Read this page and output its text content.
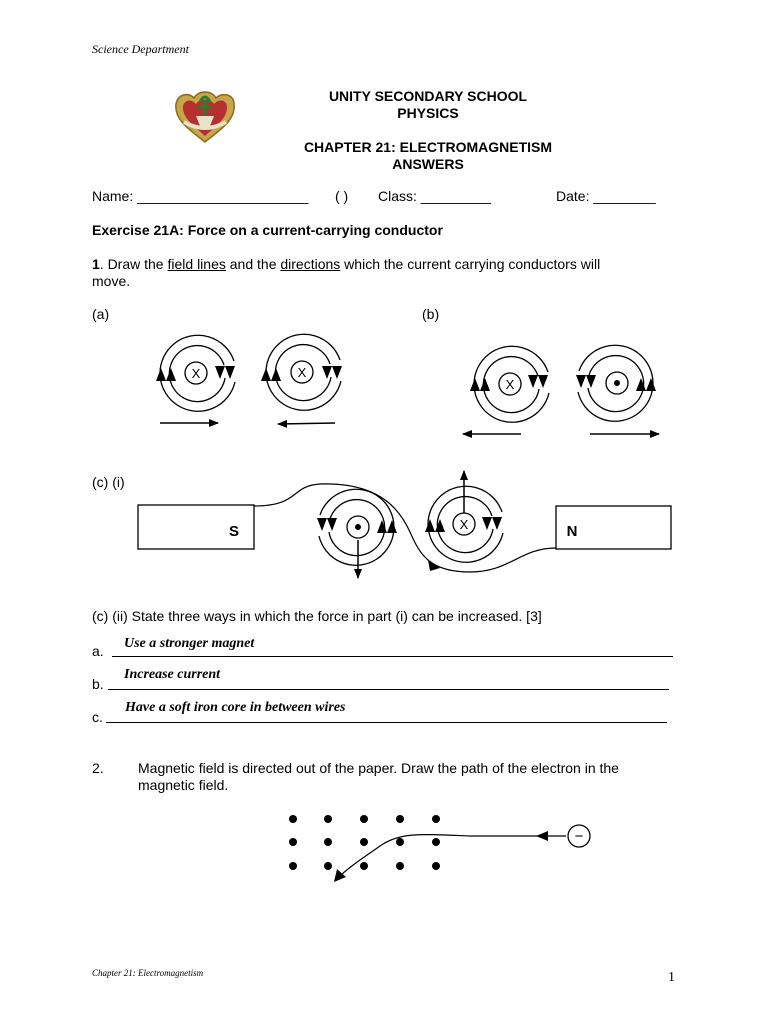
Science Department
UNITY SECONDARY SCHOOL
PHYSICS
CHAPTER 21: ELECTROMAGNETISM
ANSWERS
Name: ______________________ ( ) Class: _________	Date: ________
Exercise 21A: Force on a current-carrying conductor
1. Draw the field lines and the directions which the current carrying conductors will
move.
(a)	(b)
(c) (i)
X	X
X
S	N
X
(c) (ii) State three ways in which the force in part (i) can be increased. [3]
a. Use a stronger magnet
b.
Increase current
c.
Have a soft iron core in between wires
2. Magnetic field is directed out of the paper. Draw the path of the electron in the
magnetic field.
−
Chapter 21: Electromagnetism	1
